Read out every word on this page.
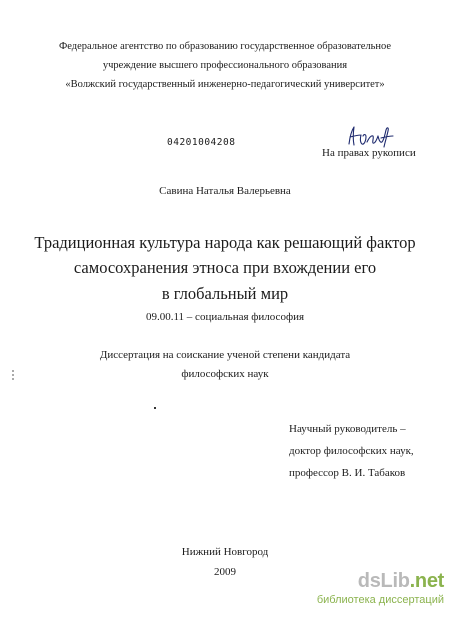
Федеральное агентство по образованию государственное образовательное
учреждение высшего профессионального образования
«Волжский государственный инженерно-педагогический университет»
04201004208
На правах рукописи
Савина Наталья Валерьевна
Традиционная культура народа как решающий фактор
самосохранения этноса при вхождении его
в глобальный мир
09.00.11 – социальная философия
Диссертация на соискание ученой степени кандидата
философских наук
Научный руководитель –
доктор философских наук,
профессор В. И. Табаков
Нижний Новгород
2009	dsLib.net
библиотека диссертаций
